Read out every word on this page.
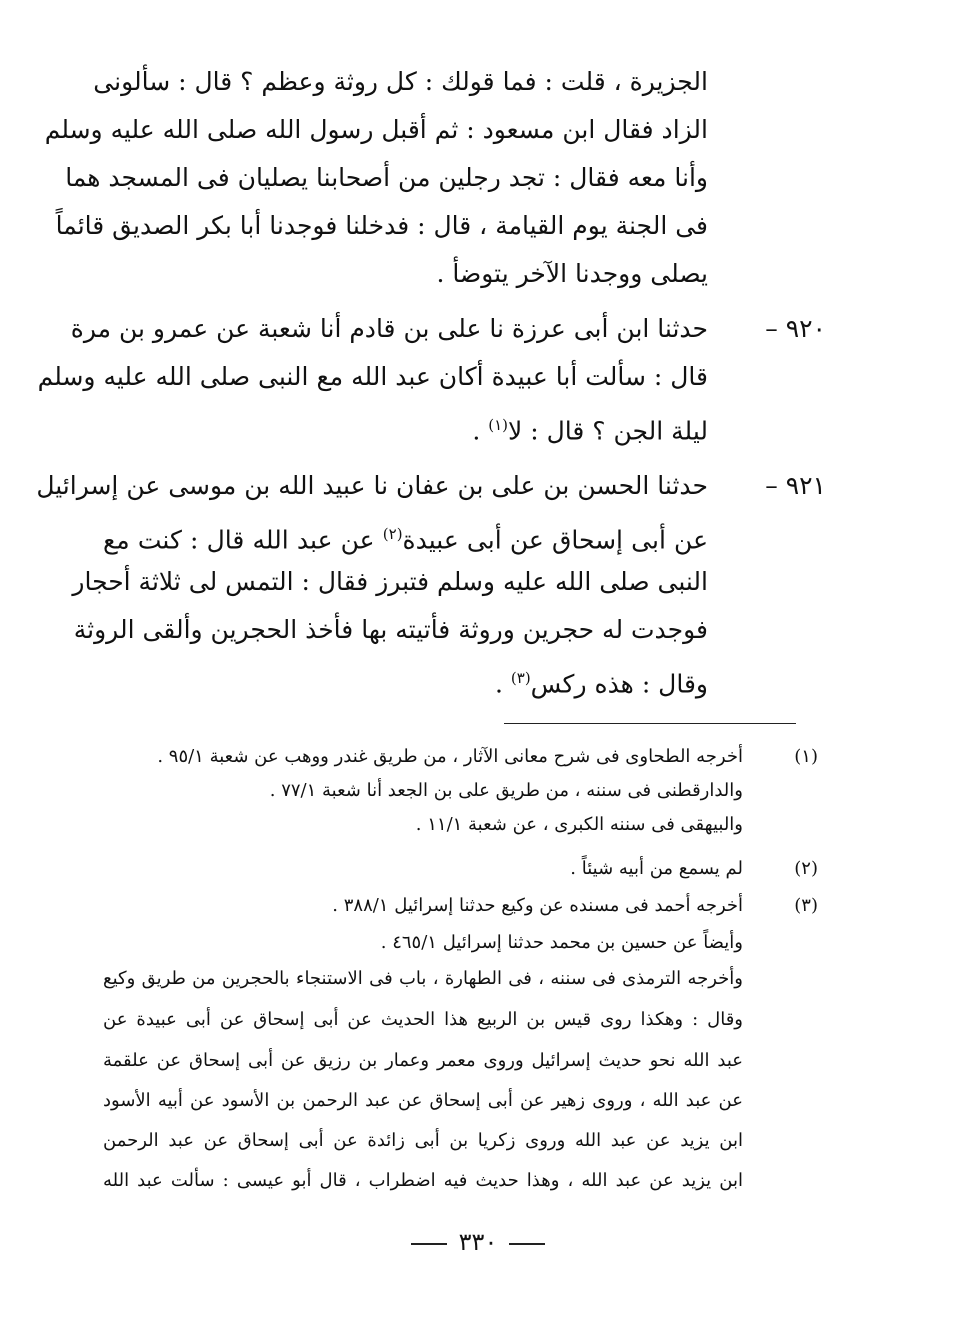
الجزيرة ، قلت : فما قولك : كل روثة وعظم ؟ قال : سألونى
الزاد فقال ابن مسعود : ثم أقبل رسول الله صلى الله عليه وسلم
وأنا معه فقال : تجد رجلين من أصحابنا يصليان فى المسجد هما
فى الجنة يوم القيامة ، قال : فدخلنا فوجدنا أبا بكر الصديق قائماً
يصلى ووجدنا الآخر يتوضأ .
٩٢٠ –
حدثنا ابن أبى عرزة نا على بن قادم أنا شعبة عن عمرو بن مرة
قال : سألت أبا عبيدة أكان عبد الله مع النبى صلى الله عليه وسلم
ليلة الجن ؟ قال : لا$^{(١)}$ .
٩٢١ –
حدثنا الحسن بن على بن عفان نا عبيد الله بن موسى عن إسرائيل
عن أبى إسحاق عن أبى عبيدة$^{(٢)}$ عن عبد الله قال : كنت مع
النبى صلى الله عليه وسلم فتبرز فقال : التمس لى ثلاثة أحجار
فوجدت له حجرين وروثة فأتيته بها فأخذ الحجرين وألقى الروثة
وقال : هذه ركس$^{(٣)}$ .
(١)
أخرجه الطحاوى فى شرح معانى الآثار ، من طريق غندر ووهب عن شعبة ٩٥/١ .
والدارقطنى فى سننه ، من طريق على بن الجعد أنا شعبة ٧٧/١ .
والبيهقى فى سننه الكبرى ، عن شعبة ١١/١ .
(٢)
لم يسمع من أبيه شيئاً .
(٣)
أخرجه أحمد فى مسنده عن وكيع حدثنا إسرائيل ٣٨٨/١ .
وأيضاً عن حسين بن محمد حدثنا إسرائيل ٤٦٥/١ .
وأخرجه الترمذى فى سننه ، فى الطهارة ، باب فى الاستنجاء بالحجرين من طريق وكيع
وقال : وهكذا روى قيس بن الربيع هذا الحديث عن أبى إسحاق عن أبى عبيدة عن
عبد الله نحو حديث إسرائيل وروى معمر وعمار بن رزيق عن أبى إسحاق عن علقمة
عن عبد الله ، وروى زهير عن أبى إسحاق عن عبد الرحمن بن الأسود عن أبيه الأسود
ابن يزيد عن عبد الله وروى زكريا بن أبى زائدة عن أبى إسحاق عن عبد الرحمن
ابن يزيد عن عبد الله ، وهذا حديث فيه اضطراب ، قال أبو عيسى : سألت عبد الله
٣٣٠
